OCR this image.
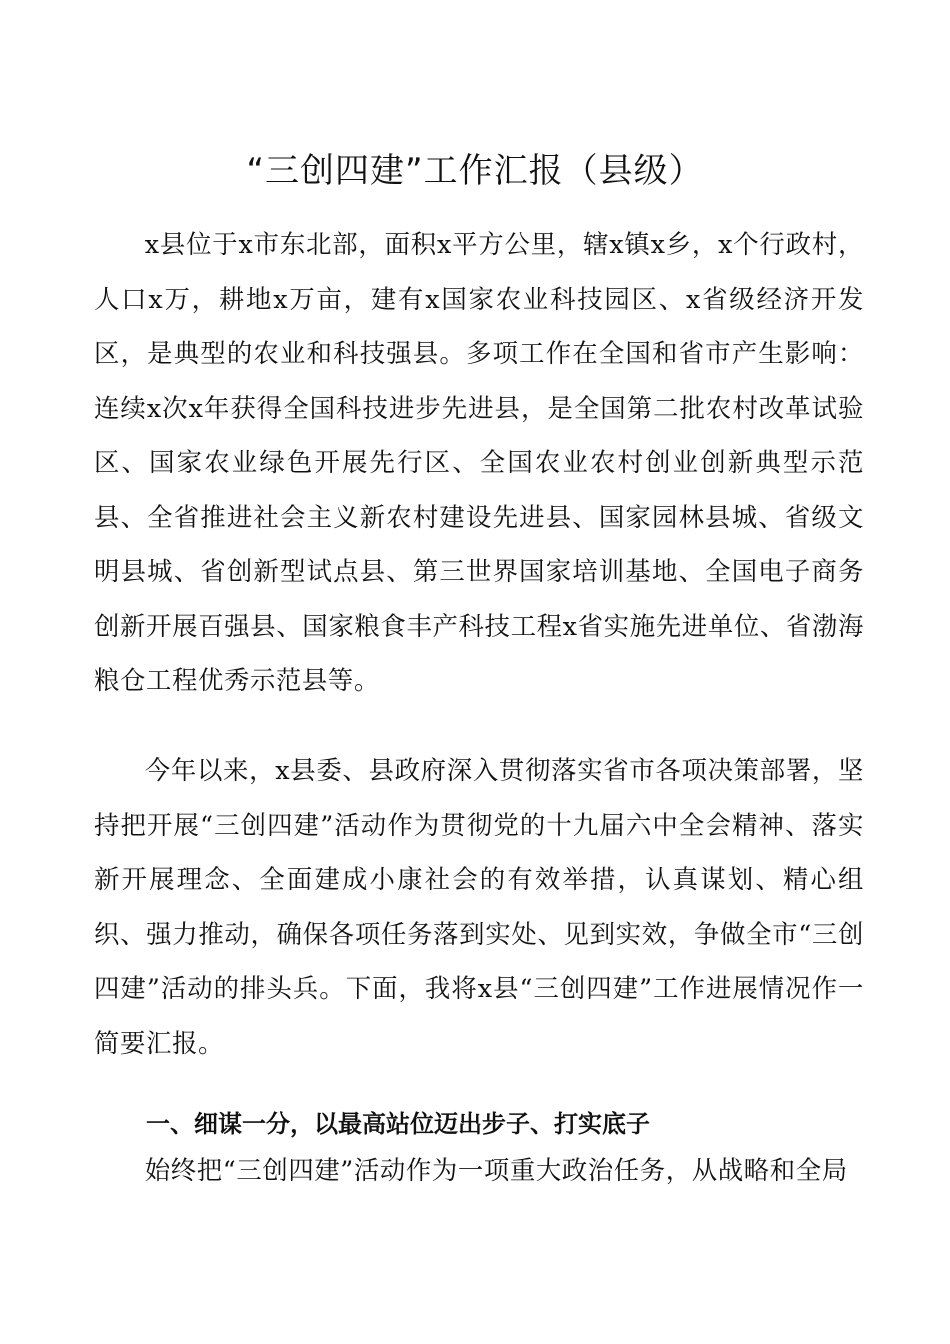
“三创四建”工作汇报（县级）

x县位于x市东北部，面积x平方公里，辖x镇x乡，x个行政村，人口x万，耕地x万亩，建有x国家农业科技园区、x省级经济开发区，是典型的农业和科技强县。多项工作在全国和省市产生影响：连续x次x年获得全国科技进步先进县，是全国第二批农村改革试验区、国家农业绿色开展先行区、全国农业农村创业创新典型示范县、全省推进社会主义新农村建设先进县、国家园林县城、省级文明县城、省创新型试点县、第三世界国家培训基地、全国电子商务创新开展百强县、国家粮食丰产科技工程x省实施先进单位、省渤海粮仓工程优秀示范县等。

今年以来，x县委、县政府深入贯彻落实省市各项决策部署，坚持把开展“三创四建”活动作为贯彻党的十九届六中全会精神、落实新开展理念、全面建成小康社会的有效举措，认真谋划、精心组织、强力推动，确保各项任务落到实处、见到实效，争做全市“三创四建”活动的排头兵。下面，我将x县“三创四建”工作进展情况作一简要汇报。

一、细谋一分，以最高站位迈出步子、打实底子

始终把“三创四建”活动作为一项重大政治任务，从战略和全局
